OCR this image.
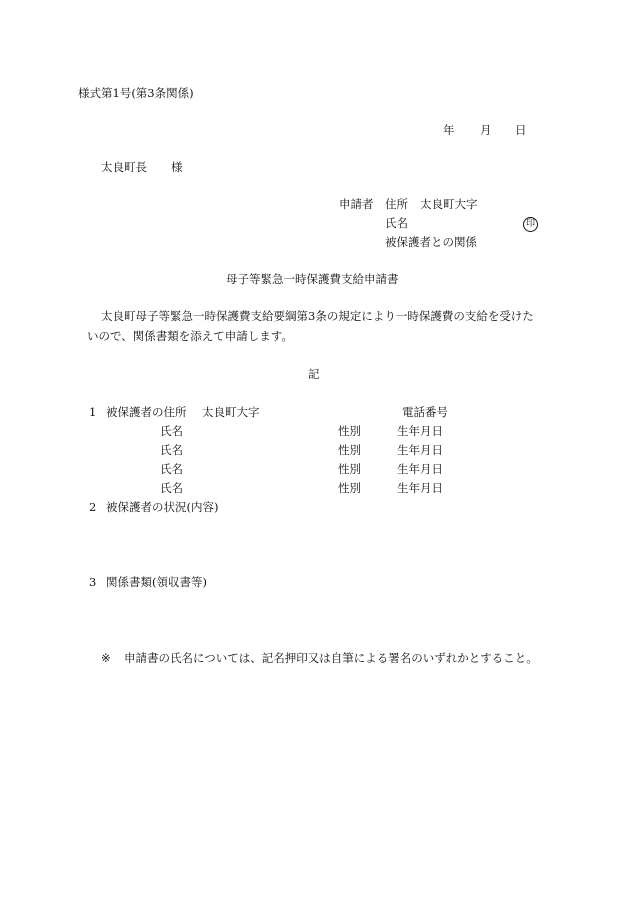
様式第1号(第3条関係)
年 月 日
太良町長 様
申請者 住所 太良町大字
氏名	印
被保護者との関係
母子等緊急一時保護費支給申請書
太良町母子等緊急一時保護費支給要綱第3条の規定により一時保護費の支給を受けた
いので、関係書類を添えて申請します。
記
1 被保護者の住所 太良町大字	電話番号
氏名	性別	生年月日
氏名	性別	生年月日
氏名	性別	生年月日
氏名	性別	生年月日
2 被保護者の状況(内容)
3 関係書類(領収書等)
※ 申請書の氏名については、記名押印又は自筆による署名のいずれかとすること。
